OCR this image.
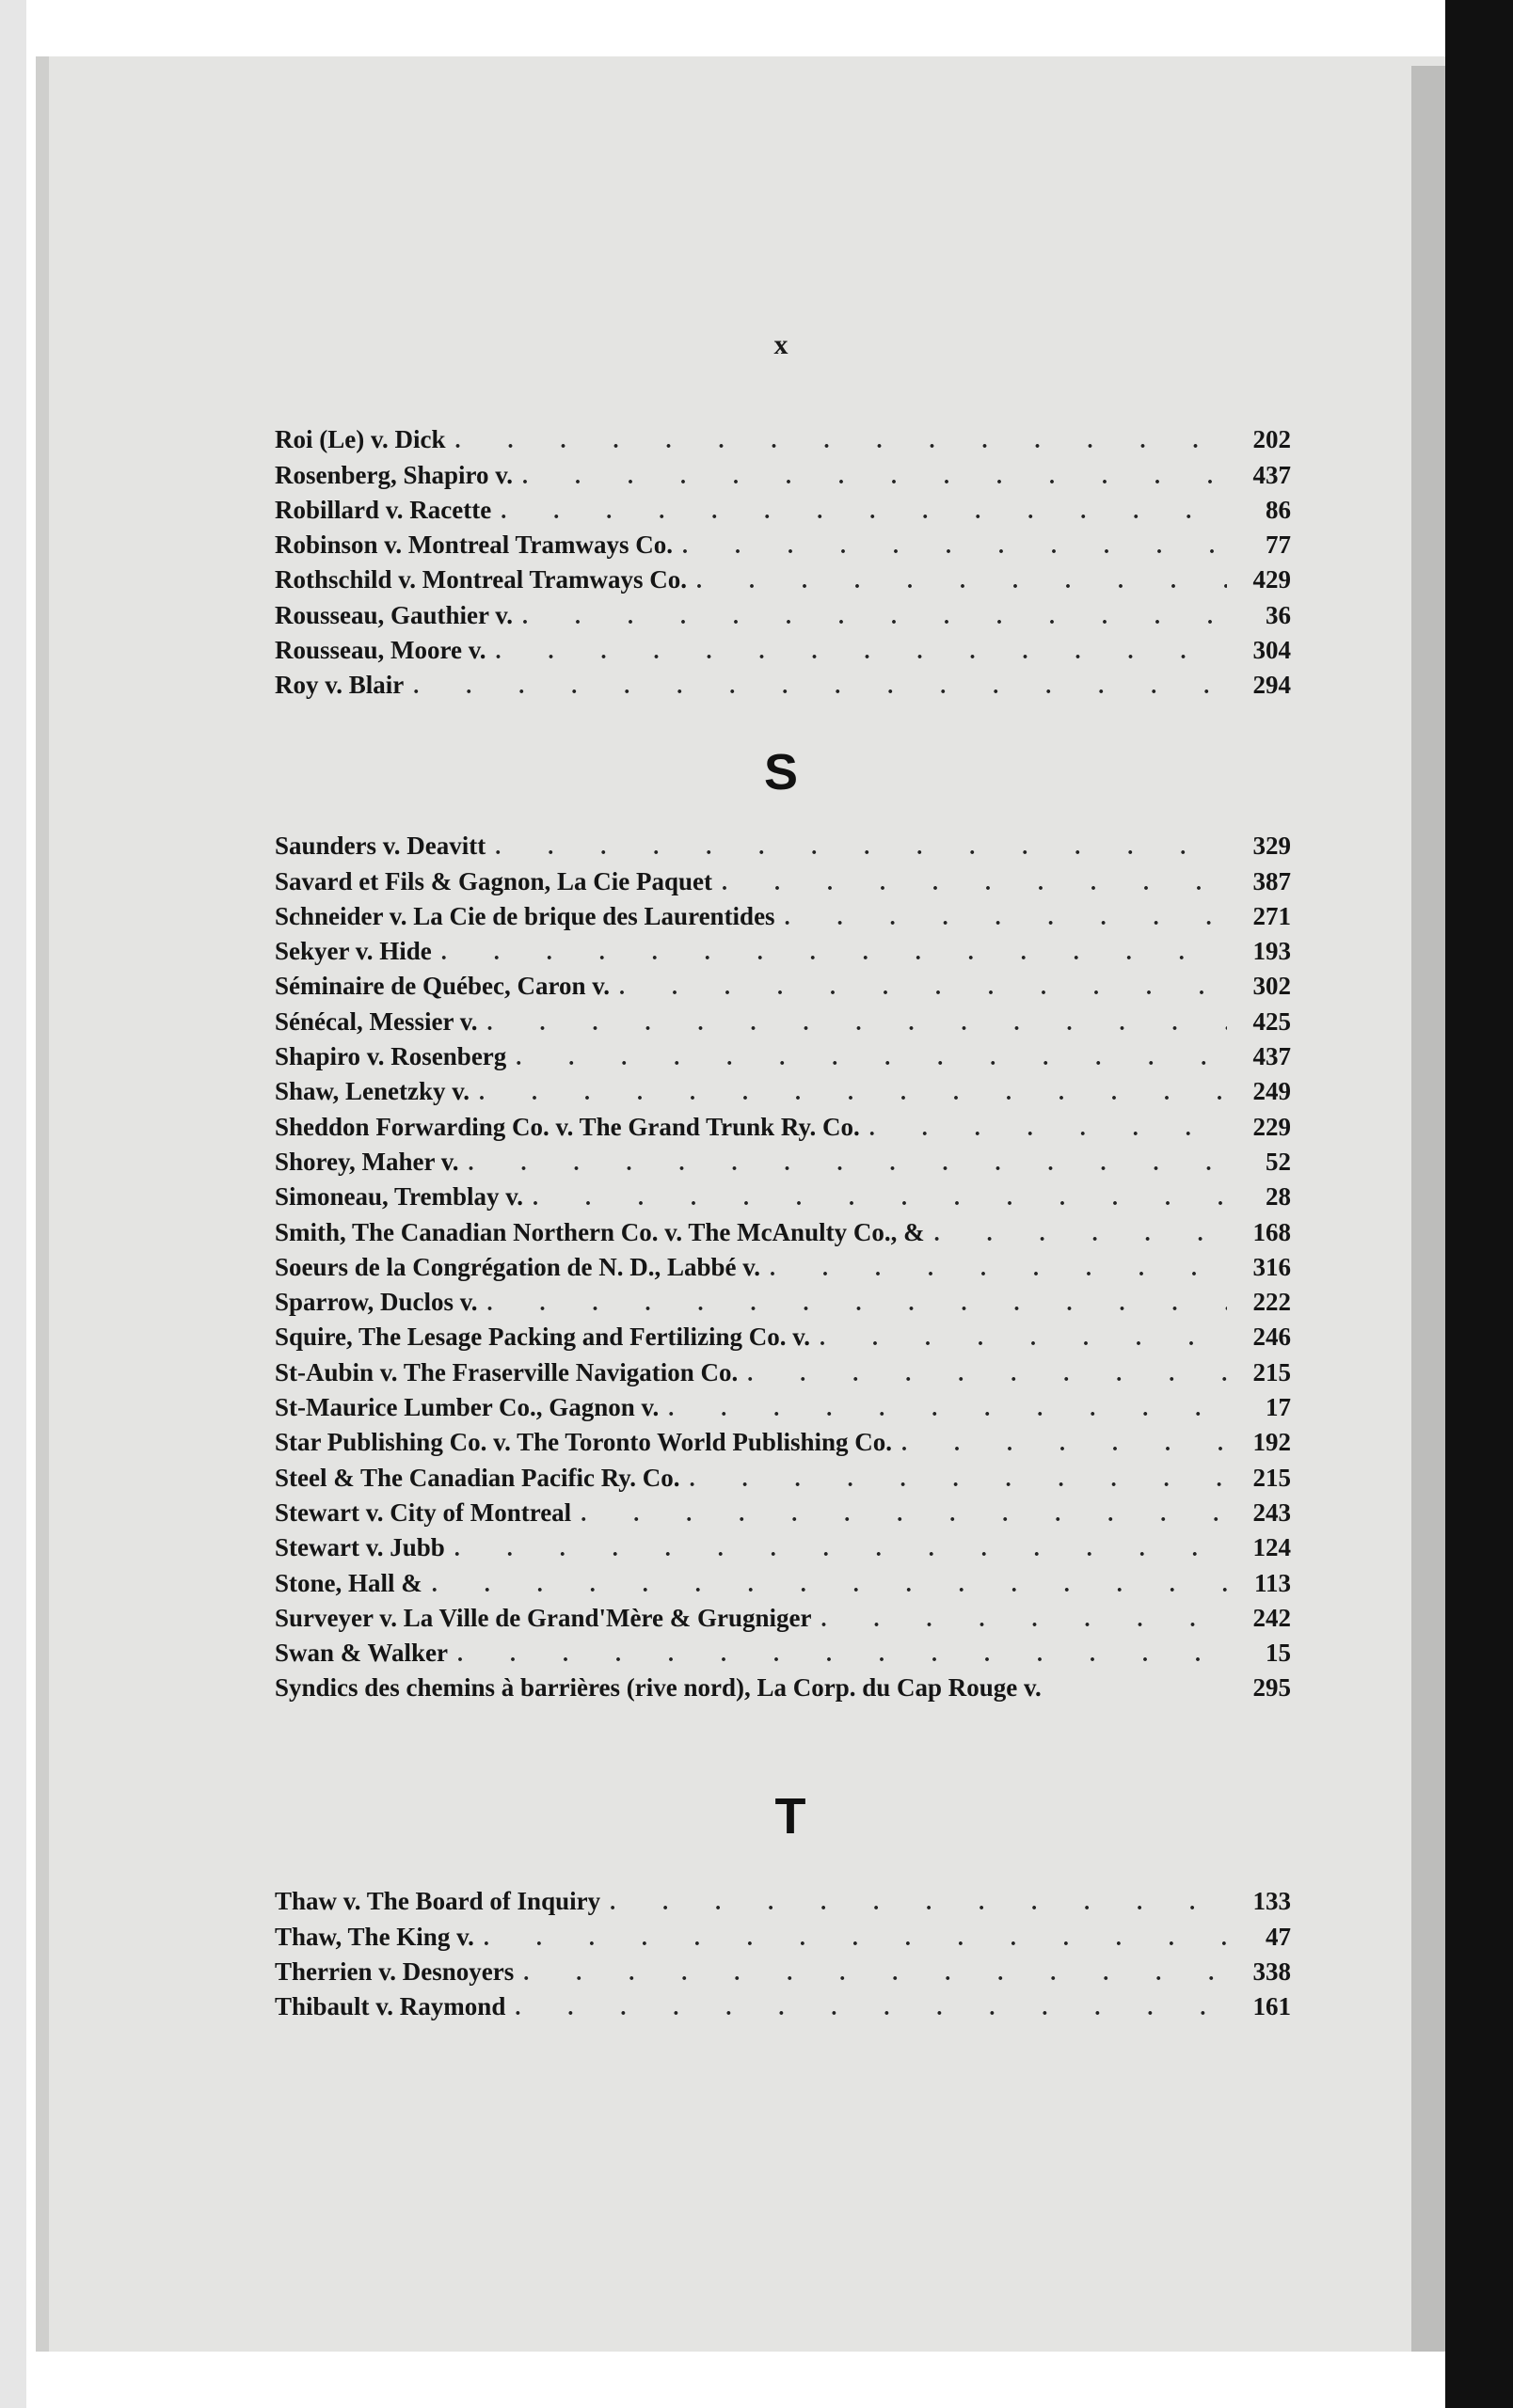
x
Roi (Le) v. Dick . . .	202
Rosenberg, Shapiro v. . . .	437
Robillard v. Racette . . .	86
Robinson v. Montreal Tramways Co. . . .	77
Rothschild v. Montreal Tramways Co. . . .	429
Rousseau, Gauthier v. . . .	36
Rousseau, Moore v. . . .	304
Roy v. Blair . . .	294
S
Saunders v. Deavitt . . .	329
Savard et Fils & Gagnon, La Cie Paquet . . .	387
Schneider v. La Cie de brique des Laurentides . . .	271
Sekyer v. Hide . . .	193
Séminaire de Québec, Caron v. . . .	302
Sénécal, Messier v. . . .	425
Shapiro v. Rosenberg . . .	437
Shaw, Lenetzky v. . . .	249
Sheddon Forwarding Co. v. The Grand Trunk Ry. Co. . . .	229
Shorey, Maher v. . . .	52
Simoneau, Tremblay v. . . .	28
Smith, The Canadian Northern Co. v. The McAnulty Co., & . . .	168
Soeurs de la Congrégation de N. D., Labbé v. . . .	316
Sparrow, Duclos v. . . .	222
Squire, The Lesage Packing and Fertilizing Co. v. . . .	246
St-Aubin v. The Fraserville Navigation Co. . . .	215
St-Maurice Lumber Co., Gagnon v. . . .	17
Star Publishing Co. v. The Toronto World Publishing Co. . . .	192
Steel & The Canadian Pacific Ry. Co. . . .	215
Stewart v. City of Montreal . . .	243
Stewart v. Jubb . . .	124
Stone, Hall & . . .	113
Surveyer v. La Ville de Grand'Mère & Grugniger . . .	242
Swan & Walker . . .	15
Syndics des chemins à barrières (rive nord), La Corp. du Cap Rouge v.	295
T
Thaw v. The Board of Inquiry . . .	133
Thaw, The King v. . . .	47
Therrien v. Desnoyers . . .	338
Thibault v. Raymond . . .	161
